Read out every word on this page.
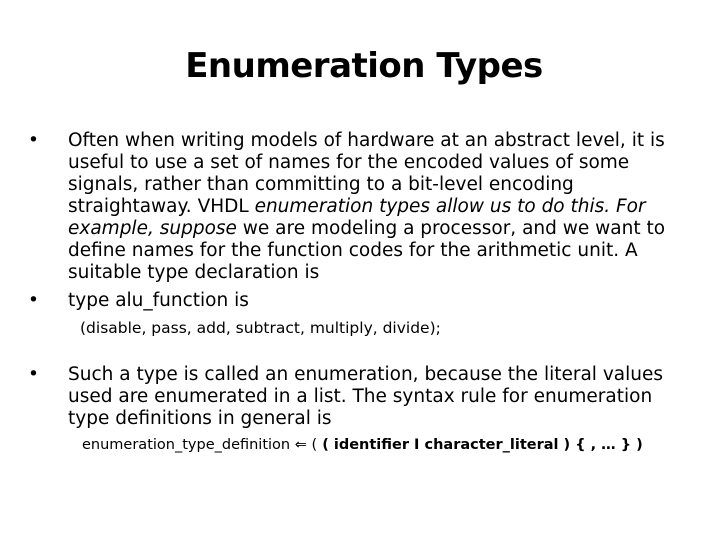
Enumeration Types
•	Often when writing models of hardware at an abstract level, it is useful to use a set of names for the encoded values of some signals, rather than committing to a bit-level encoding straightaway. VHDL enumeration types allow us to do this. For example, suppose we are modeling a processor, and we want to define names for the function codes for the arithmetic unit. A suitable type declaration is
•	type alu_function is
(disable, pass, add, subtract, multiply, divide);
•	Such a type is called an enumeration, because the literal values used are enumerated in a list. The syntax rule for enumeration type definitions in general is
enumeration_type_definition ⇐ ( ( identifier I character_literal ) { , … } )
